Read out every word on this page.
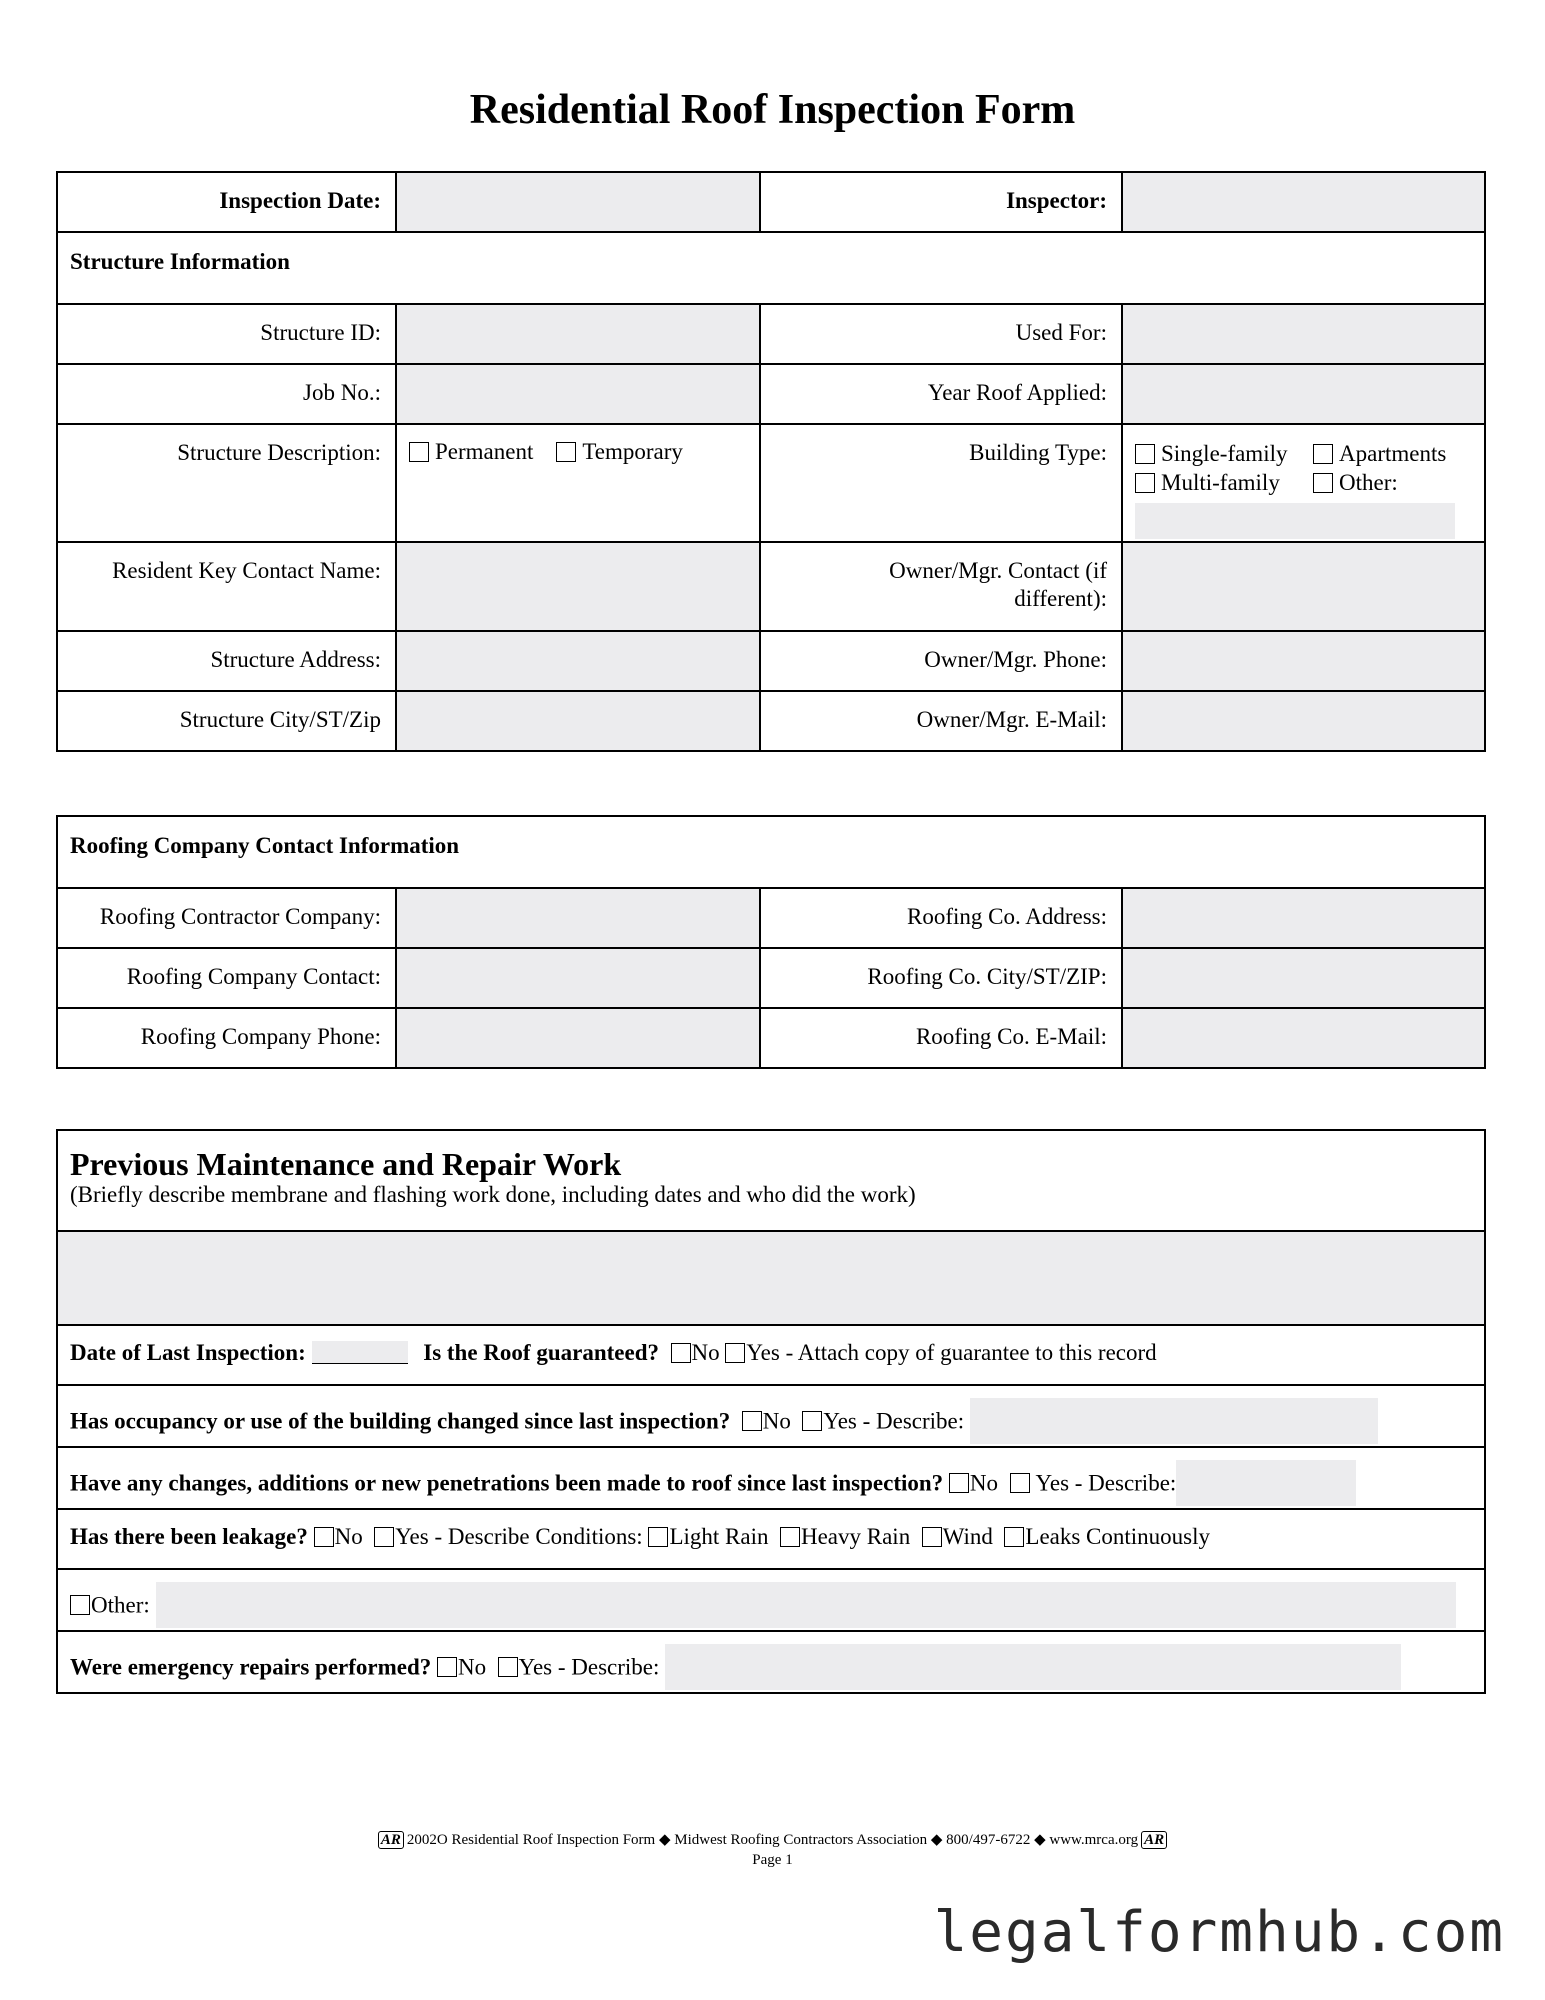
Residential Roof Inspection Form
Inspection Date:		Inspector:	
Structure Information			
Structure ID:		Used For:	
Job No.:		Year Roof Applied:	
Structure Description:	Permanent Temporary	Building Type:	Single-family Apartments
Multi-family Other:

Resident Key Contact Name:		Owner/Mgr. Contact (if different):	
Structure Address:		Owner/Mgr. Phone:	
Structure City/ST/Zip		Owner/Mgr. E-Mail:	
Roofing Company Contact Information			
Roofing Contractor Company:		Roofing Co. Address:	
Roofing Company Contact:		Roofing Co. City/ST/ZIP:	
Roofing Company Phone:		Roofing Co. E-Mail:	
Previous Maintenance and Repair Work
(Briefly describe membrane and flashing work done, including dates and who did the work)

Date of Last Inspection:	Is the Roof guaranteed? No Yes - Attach copy of guarantee to this record
Has occupancy or use of the building changed since last inspection? No Yes - Describe:
Have any changes, additions or new penetrations been made to roof since last inspection? No Yes - Describe:
Has there been leakage? No Yes - Describe Conditions: Light Rain Heavy Rain Wind Leaks Continuously
Other:
Were emergency repairs performed? No Yes - Describe:
AR 2002O Residential Roof Inspection Form ◆ Midwest Roofing Contractors Association ◆ 800/497-6722 ◆ www.mrca.org AR
Page 1
legalformhub.com
